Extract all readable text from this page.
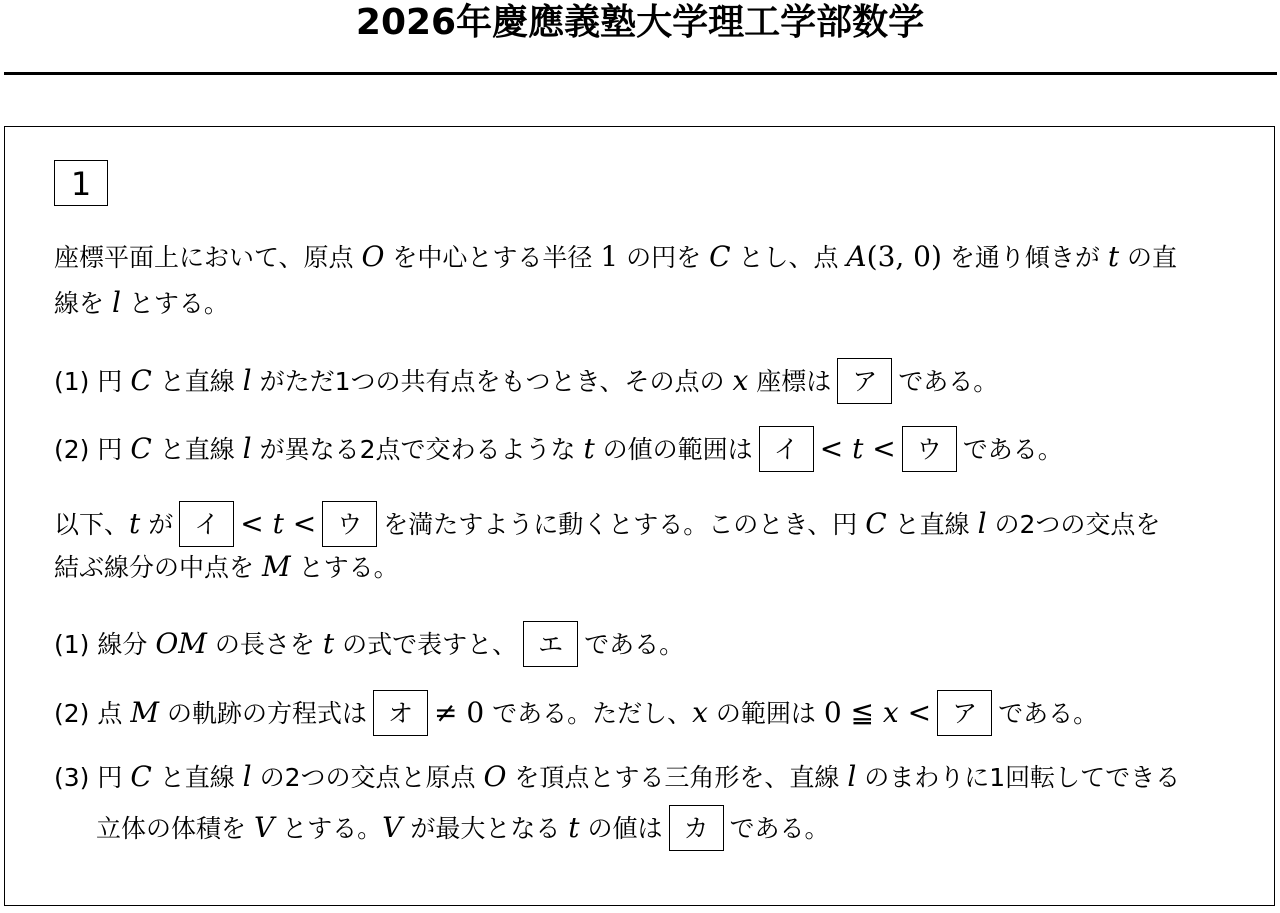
2026年慶應義塾大学理工学部数学
1
座標平面上において、原点 O を中心とする半径 1 の円を C とし、点 A(3, 0) を通り傾きが t の直
線を l とする。
(1) 円 C と直線 l がただ1つの共有点をもつとき、その点の x 座標は ア である。
(2) 円 C と直線 l が異なる2点で交わるような t の値の範囲は イ < t < ウ である。
以下、t が イ < t < ウ を満たすように動くとする。このとき、円 C と直線 l の2つの交点を
結ぶ線分の中点を M とする。
(1) 線分 OM の長さを t の式で表すと、 エ である。
(2) 点 M の軌跡の方程式は オ ≠ 0 である。ただし、x の範囲は 0 ≦ x < ア である。
(3) 円 C と直線 l の2つの交点と原点 O を頂点とする三角形を、直線 l のまわりに1回転してできる
立体の体積を V とする。V が最大となる t の値は カ である。
